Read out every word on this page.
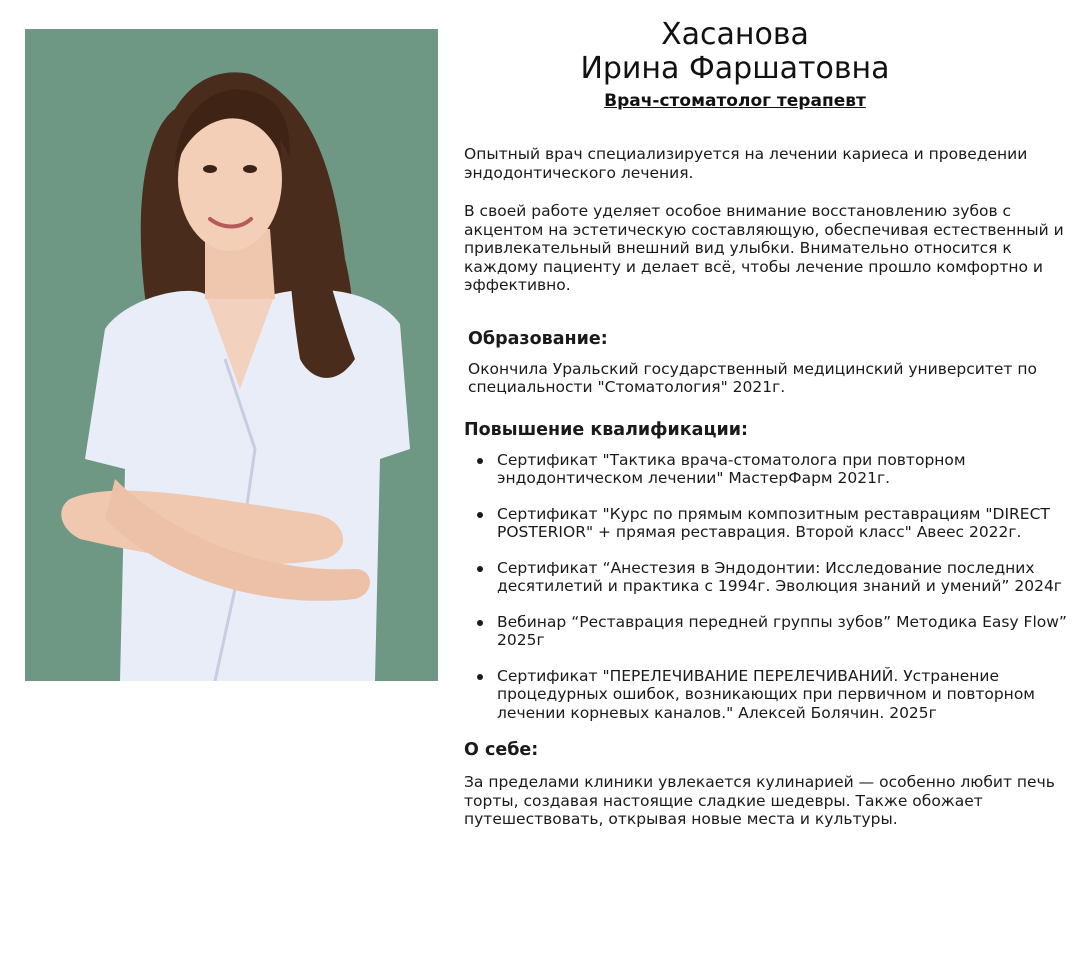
Хасанова
Ирина Фаршатовна
Врач-стоматолог терапевт

Опытный врач специализируется на лечении кариеса и проведении эндодонтического лечения.

В своей работе уделяет особое внимание восстановлению зубов с акцентом на эстетическую составляющую, обеспечивая естественный и привлекательный внешний вид улыбки. Внимательно относится к каждому пациенту и делает всё, чтобы лечение прошло комфортно и эффективно.

Образование:

Окончила Уральский государственный медицинский университет по специальности "Стоматология" 2021г.

Повышение квалификации:

Сертификат "Тактика врача-стоматолога при повторном эндодонтическом лечении" МастерФарм 2021г.
Сертификат "Курс по прямым композитным реставрациям "DIRECT POSTERIOR" + прямая реставрация. Второй класс" Авеес 2022г.
Сертификат “Анестезия в Эндодонтии: Исследование последних десятилетий и практика с 1994г. Эволюция знаний и умений” 2024г
Вебинар “Реставрация передней группы зубов” Методика Easy Flow” 2025г
Сертификат "ПЕРЕЛЕЧИВАНИЕ ПЕРЕЛЕЧИВАНИЙ. Устранение процедурных ошибок, возникающих при первичном и повторном лечении корневых каналов." Алексей Болячин. 2025г

О себе:

За пределами клиники увлекается кулинарией — особенно любит печь торты, создавая настоящие сладкие шедевры. Также обожает путешествовать, открывая новые места и культуры.
